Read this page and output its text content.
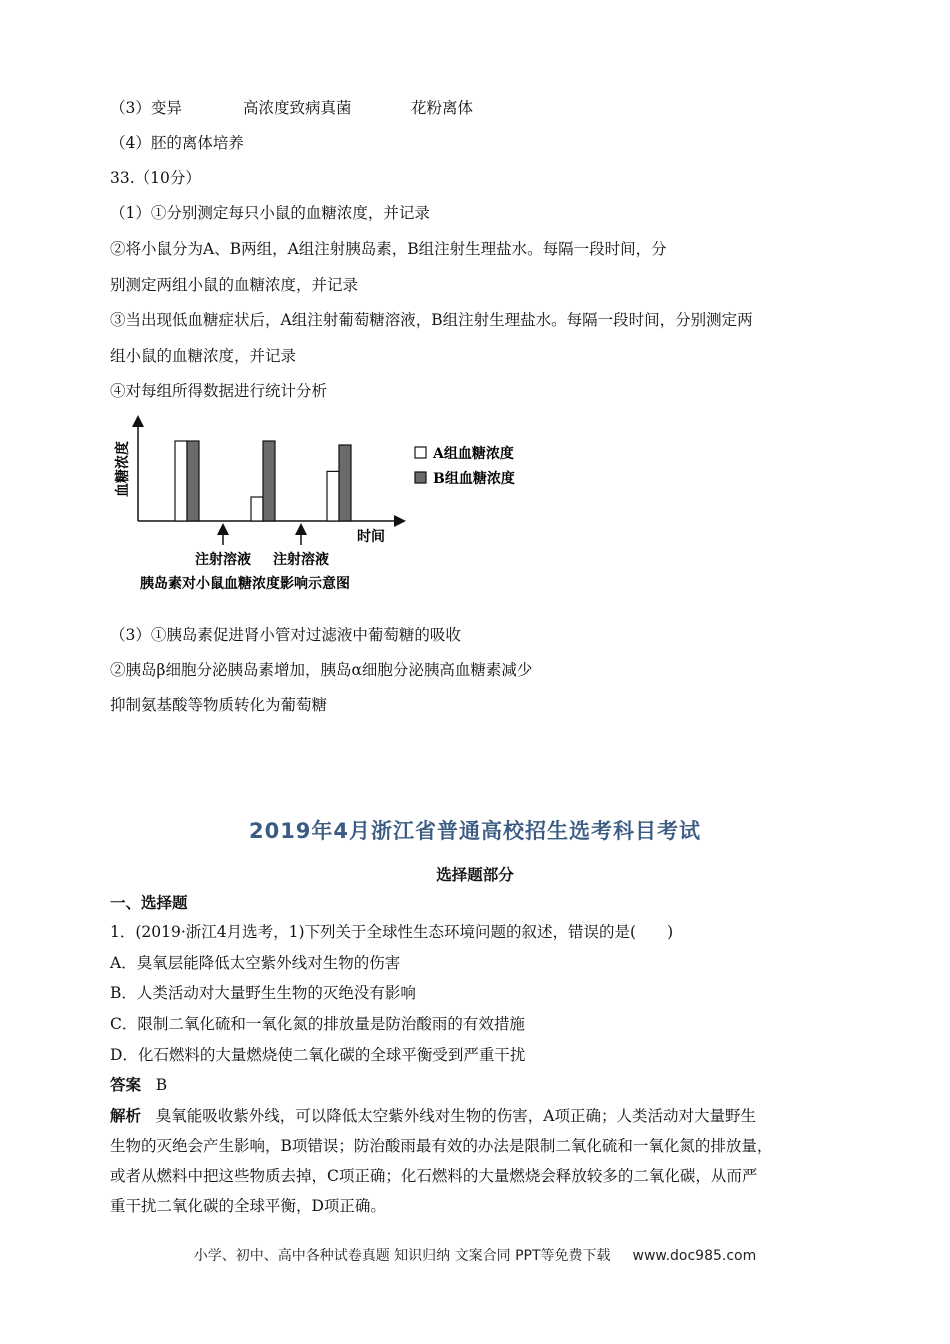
（3）变异	高浓度致病真菌	花粉离体
（4）胚的离体培养
33.（10分）
（1）①分别测定每只小鼠的血糖浓度，并记录
②将小鼠分为A、B两组，A组注射胰岛素，B组注射生理盐水。每隔一段时间，分
别测定两组小鼠的血糖浓度，并记录
③当出现低血糖症状后，A组注射葡萄糖溶液，B组注射生理盐水。每隔一段时间，分别测定两
组小鼠的血糖浓度，并记录
④对每组所得数据进行统计分析
血糖浓度
时间
注射溶液 注射溶液
A组血糖浓度
B组血糖浓度
胰岛素对小鼠血糖浓度影响示意图
（3）①胰岛素促进肾小管对过滤液中葡萄糖的吸收
②胰岛β细胞分泌胰岛素增加，胰岛α细胞分泌胰高血糖素减少
抑制氨基酸等物质转化为葡萄糖
2019年4月浙江省普通高校招生选考科目考试
选择题部分
一、选择题
1．(2019·浙江4月选考，1)下列关于全球性生态环境问题的叙述，错误的是(　　)
A．臭氧层能降低太空紫外线对生物的伤害
B．人类活动对大量野生生物的灭绝没有影响
C．限制二氧化硫和一氧化氮的排放量是防治酸雨的有效措施
D．化石燃料的大量燃烧使二氧化碳的全球平衡受到严重干扰
答案 B
解析 臭氧能吸收紫外线，可以降低太空紫外线对生物的伤害，A项正确；人类活动对大量野生
生物的灭绝会产生影响，B项错误；防治酸雨最有效的办法是限制二氧化硫和一氧化氮的排放量，
或者从燃料中把这些物质去掉，C项正确；化石燃料的大量燃烧会释放较多的二氧化碳，从而严
重干扰二氧化碳的全球平衡，D项正确。
小学、初中、高中各种试卷真题 知识归纳 文案合同 PPT等免费下载 www.doc985.com
